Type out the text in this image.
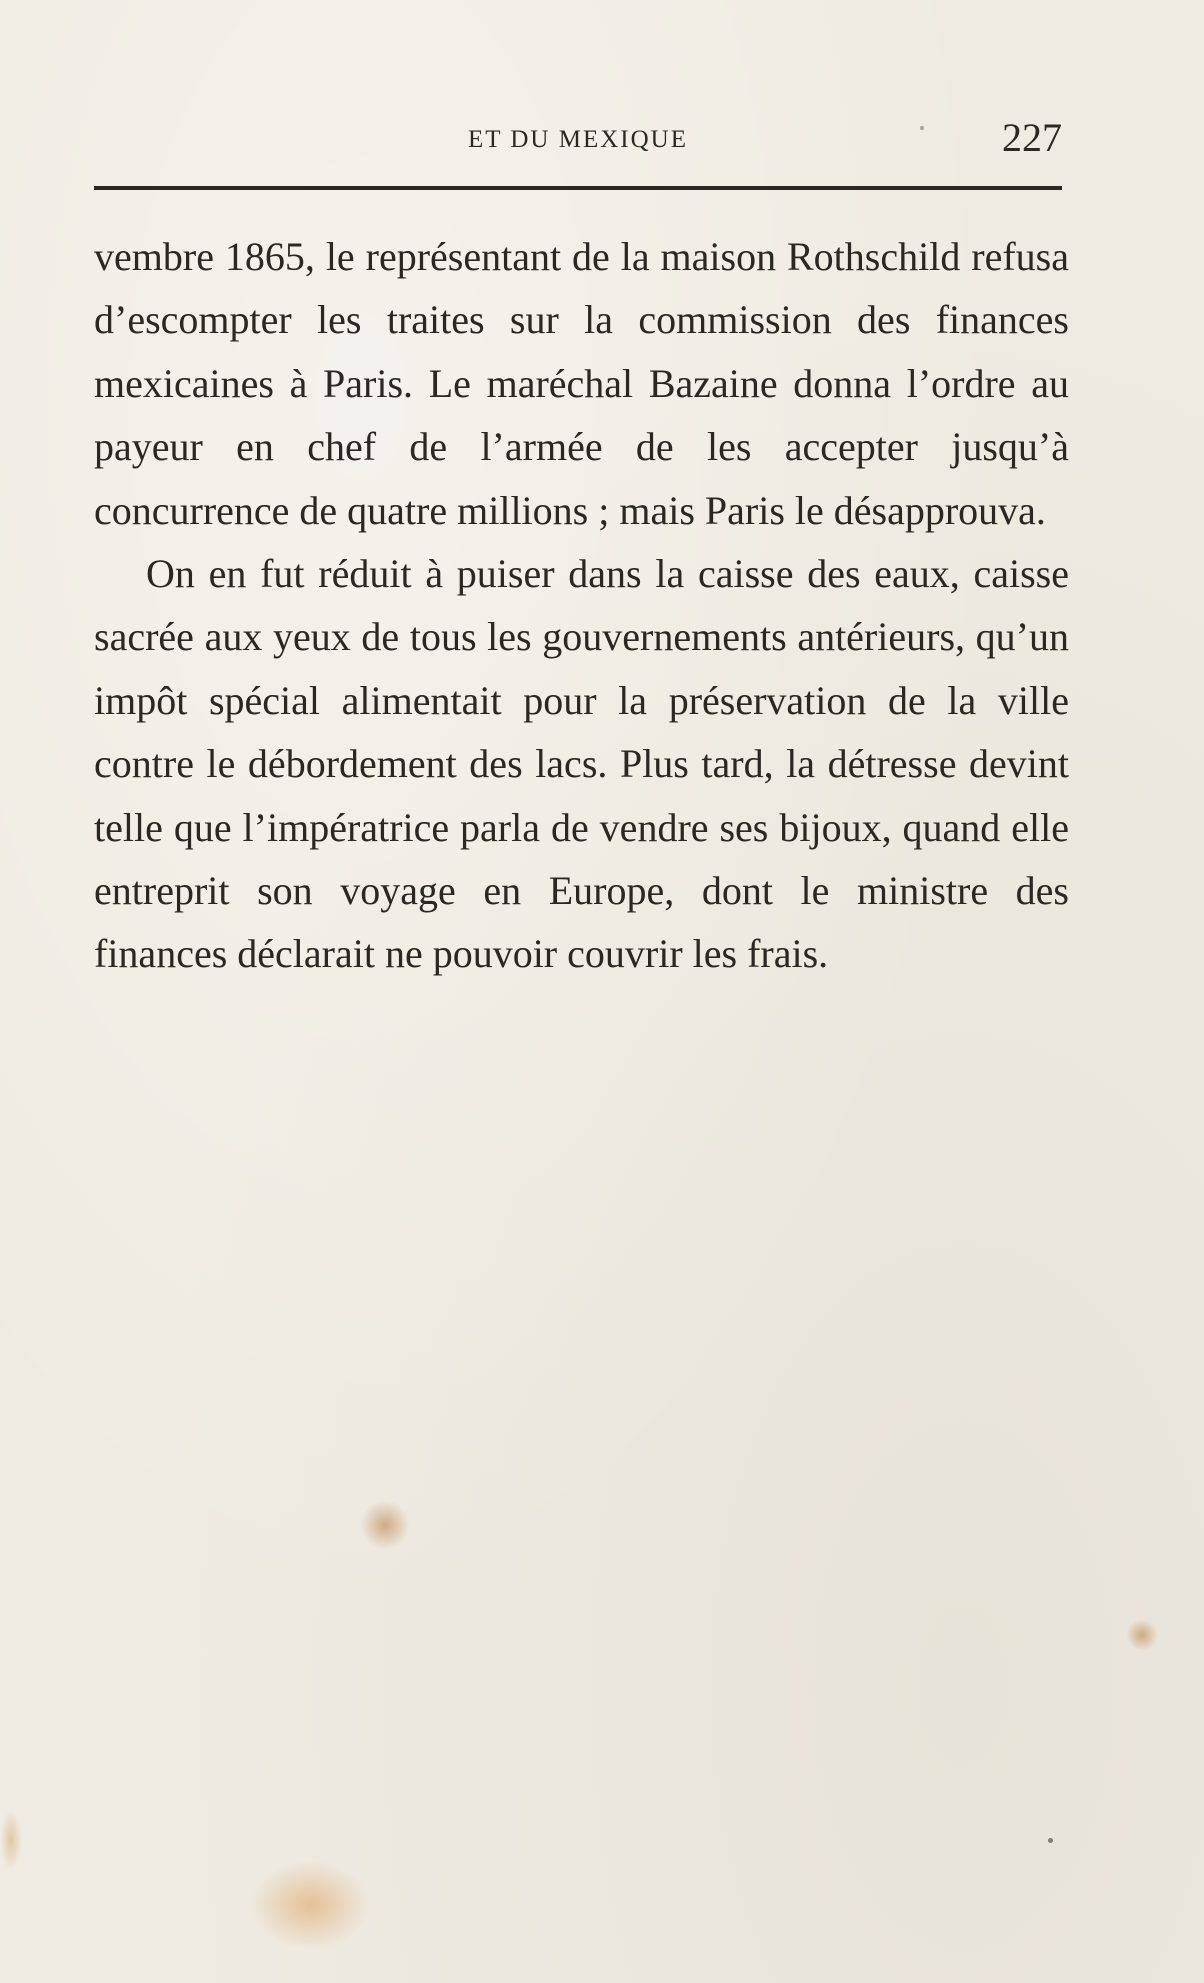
ET DU MEXIQUE	227

vembre 1865, le représentant de la maison Rothschild refusa d’escompter les traites sur la commission des finances mexicaines à Paris. Le maréchal Bazaine donna l’ordre au payeur en chef de l’armée de les accepter jusqu’à concurrence de quatre millions ; mais Paris le désapprouva.

On en fut réduit à puiser dans la caisse des eaux, caisse sacrée aux yeux de tous les gouvernements antérieurs, qu’un impôt spécial alimentait pour la préservation de la ville contre le débordement des lacs. Plus tard, la détresse devint telle que l’impératrice parla de vendre ses bijoux, quand elle entreprit son voyage en Europe, dont le ministre des finances déclarait ne pouvoir couvrir les frais.
